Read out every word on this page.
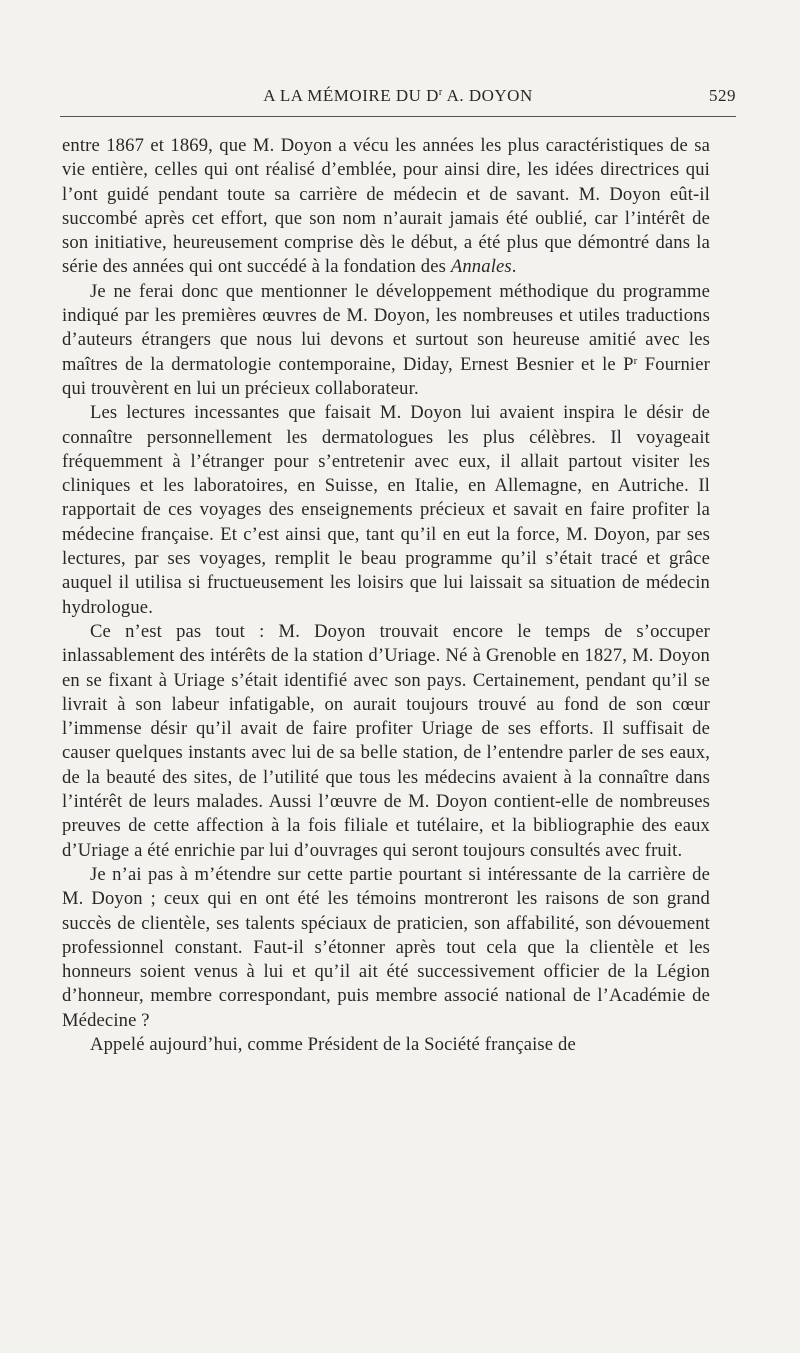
A LA MÉMOIRE DU $D^r$ A. DOYON	529

entre 1867 et 1869, que M. Doyon a vécu les années les plus caractéristiques de sa vie entière, celles qui ont réalisé d’emblée, pour ainsi dire, les idées directrices qui l’ont guidé pendant toute sa carrière de médecin et de savant. M. Doyon eût-il succombé après cet effort, que son nom n’aurait jamais été oublié, car l’intérêt de son initiative, heureusement comprise dès le début, a été plus que démontré dans la série des années qui ont succédé à la fondation des Annales.

Je ne ferai donc que mentionner le développement méthodique du programme indiqué par les premières œuvres de M. Doyon, les nombreuses et utiles traductions d’auteurs étrangers que nous lui devons et surtout son heureuse amitié avec les maîtres de la dermatologie contemporaine, Diday, Ernest Besnier et le $P^r$ Fournier qui trouvèrent en lui un précieux collaborateur.

Les lectures incessantes que faisait M. Doyon lui avaient inspira le désir de connaître personnellement les dermatologues les plus célèbres. Il voyageait fréquemment à l’étranger pour s’entretenir avec eux, il allait partout visiter les cliniques et les laboratoires, en Suisse, en Italie, en Allemagne, en Autriche. Il rapportait de ces voyages des enseignements précieux et savait en faire profiter la médecine française. Et c’est ainsi que, tant qu’il en eut la force, M. Doyon, par ses lectures, par ses voyages, remplit le beau programme qu’il s’était tracé et grâce auquel il utilisa si fructueusement les loisirs que lui laissait sa situation de médecin hydrologue.

Ce n’est pas tout : M. Doyon trouvait encore le temps de s’occuper inlassablement des intérêts de la station d’Uriage. Né à Grenoble en 1827, M. Doyon en se fixant à Uriage s’était identifié avec son pays. Certainement, pendant qu’il se livrait à son labeur infatigable, on aurait toujours trouvé au fond de son cœur l’immense désir qu’il avait de faire profiter Uriage de ses efforts. Il suffisait de causer quelques instants avec lui de sa belle station, de l’entendre parler de ses eaux, de la beauté des sites, de l’utilité que tous les médecins avaient à la connaître dans l’intérêt de leurs malades. Aussi l’œuvre de M. Doyon contient-elle de nombreuses preuves de cette affection à la fois filiale et tutélaire, et la bibliographie des eaux d’Uriage a été enrichie par lui d’ouvrages qui seront toujours consultés avec fruit.

Je n’ai pas à m’étendre sur cette partie pourtant si intéressante de la carrière de M. Doyon ; ceux qui en ont été les témoins montreront les raisons de son grand succès de clientèle, ses talents spéciaux de praticien, son affabilité, son dévouement professionnel constant. Faut-il s’étonner après tout cela que la clientèle et les honneurs soient venus à lui et qu’il ait été successivement officier de la Légion d’honneur, membre correspondant, puis membre associé national de l’Académie de Médecine ?

Appelé aujourd’hui, comme Président de la Société française de
